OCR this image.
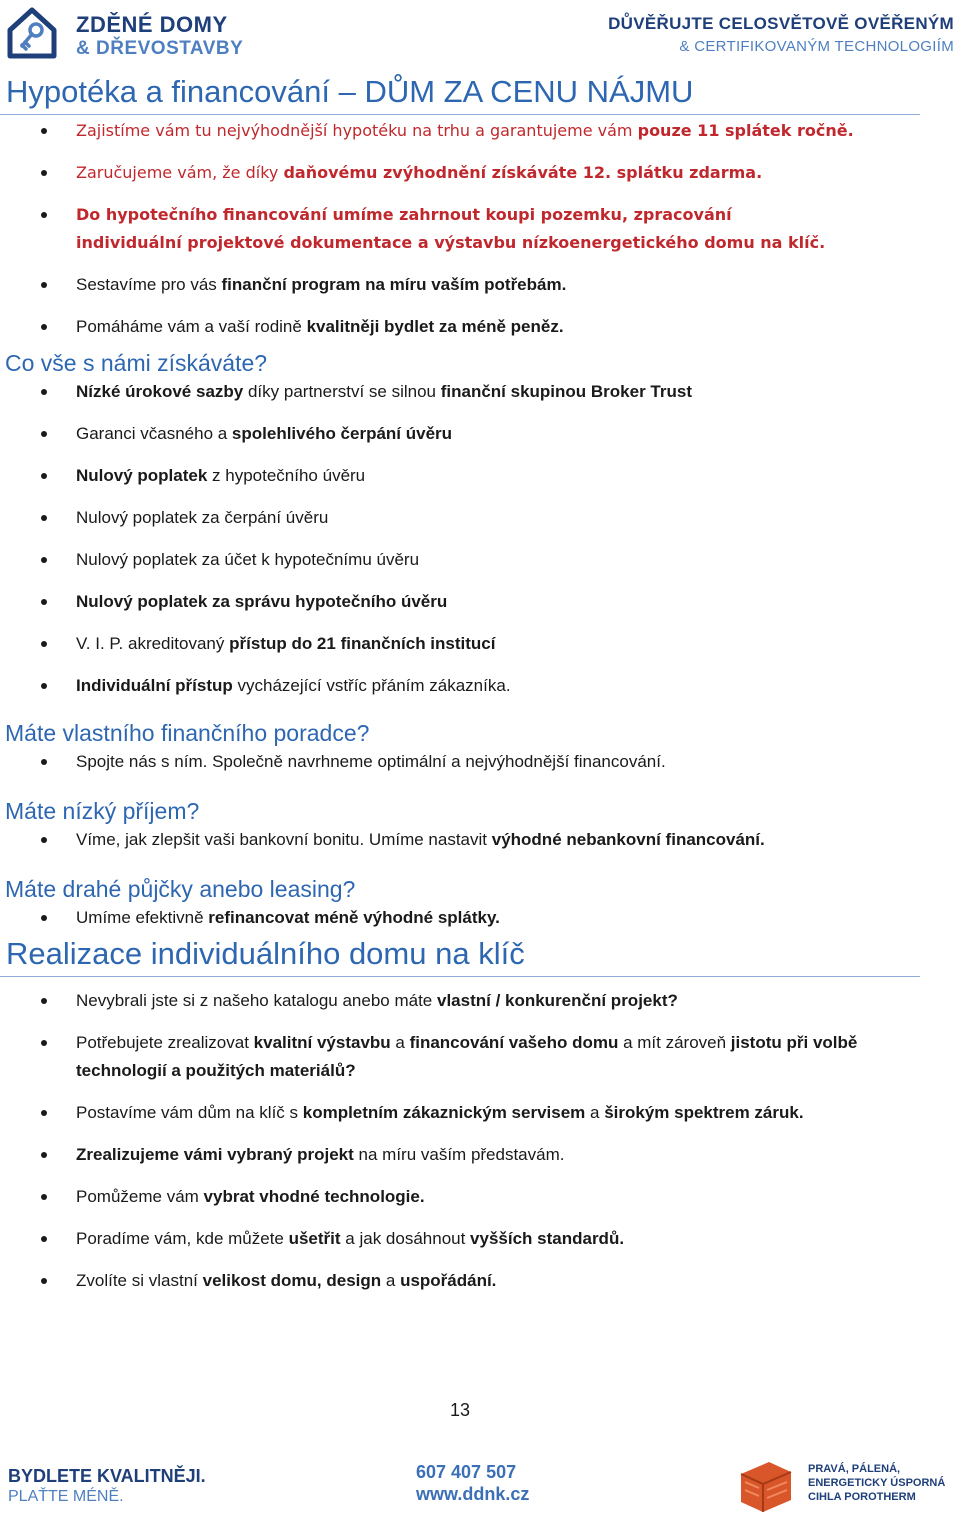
ZDĚNÉ DOMY
& DŘEVOSTAVBY
DŮVĚŘUJTE CELOSVĚTOVĚ OVĚŘENÝM
& CERTIFIKOVANÝM TECHNOLOGIÍM
Hypotéka a financování – DŮM ZA CENU NÁJMU
Zajistíme vám tu nejvýhodnější hypotéku na trhu a garantujeme vám pouze 11 splátek ročně.
Zaručujeme vám, že díky daňovému zvýhodnění získáváte 12. splátku zdarma.
Do hypotečního financování umíme zahrnout koupi pozemku, zpracování individuální projektové dokumentace a výstavbu nízkoenergetického domu na klíč.
Sestavíme pro vás finanční program na míru vaším potřebám.
Pomáháme vám a vaší rodině kvalitněji bydlet za méně peněz.
Co vše s námi získáváte?
Nízké úrokové sazby díky partnerství se silnou finanční skupinou Broker Trust
Garanci včasného a spolehlivého čerpání úvěru
Nulový poplatek z hypotečního úvěru
Nulový poplatek za čerpání úvěru
Nulový poplatek za účet k hypotečnímu úvěru
Nulový poplatek za správu hypotečního úvěru
V. I. P. akreditovaný přístup do 21 finančních institucí
Individuální přístup vycházející vstříc přáním zákazníka.
Máte vlastního finančního poradce?
Spojte nás s ním. Společně navrhneme optimální a nejvýhodnější financování.
Máte nízký příjem?
Víme, jak zlepšit vaši bankovní bonitu. Umíme nastavit výhodné nebankovní financování.
Máte drahé půjčky anebo leasing?
Umíme efektivně refinancovat méně výhodné splátky.
Realizace individuálního domu na klíč
Nevybrali jste si z našeho katalogu anebo máte vlastní / konkurenční projekt?
Potřebujete zrealizovat kvalitní výstavbu a financování vašeho domu a mít zároveň jistotu při volbě technologií a použitých materiálů?
Postavíme vám dům na klíč s kompletním zákaznickým servisem a širokým spektrem záruk.
Zrealizujeme vámi vybraný projekt na míru vaším představám.
Pomůžeme vám vybrat vhodné technologie.
Poradíme vám, kde můžete ušetřit a jak dosáhnout vyšších standardů.
Zvolíte si vlastní velikost domu, design a uspořádání.
13
BYDLETE KVALITNĚJI.
PLAŤTE MÉNĚ.
607 407 507
www.ddnk.cz
PRAVÁ, PÁLENÁ,
ENERGETICKY ÚSPORNÁ
CIHLA POROTHERM
